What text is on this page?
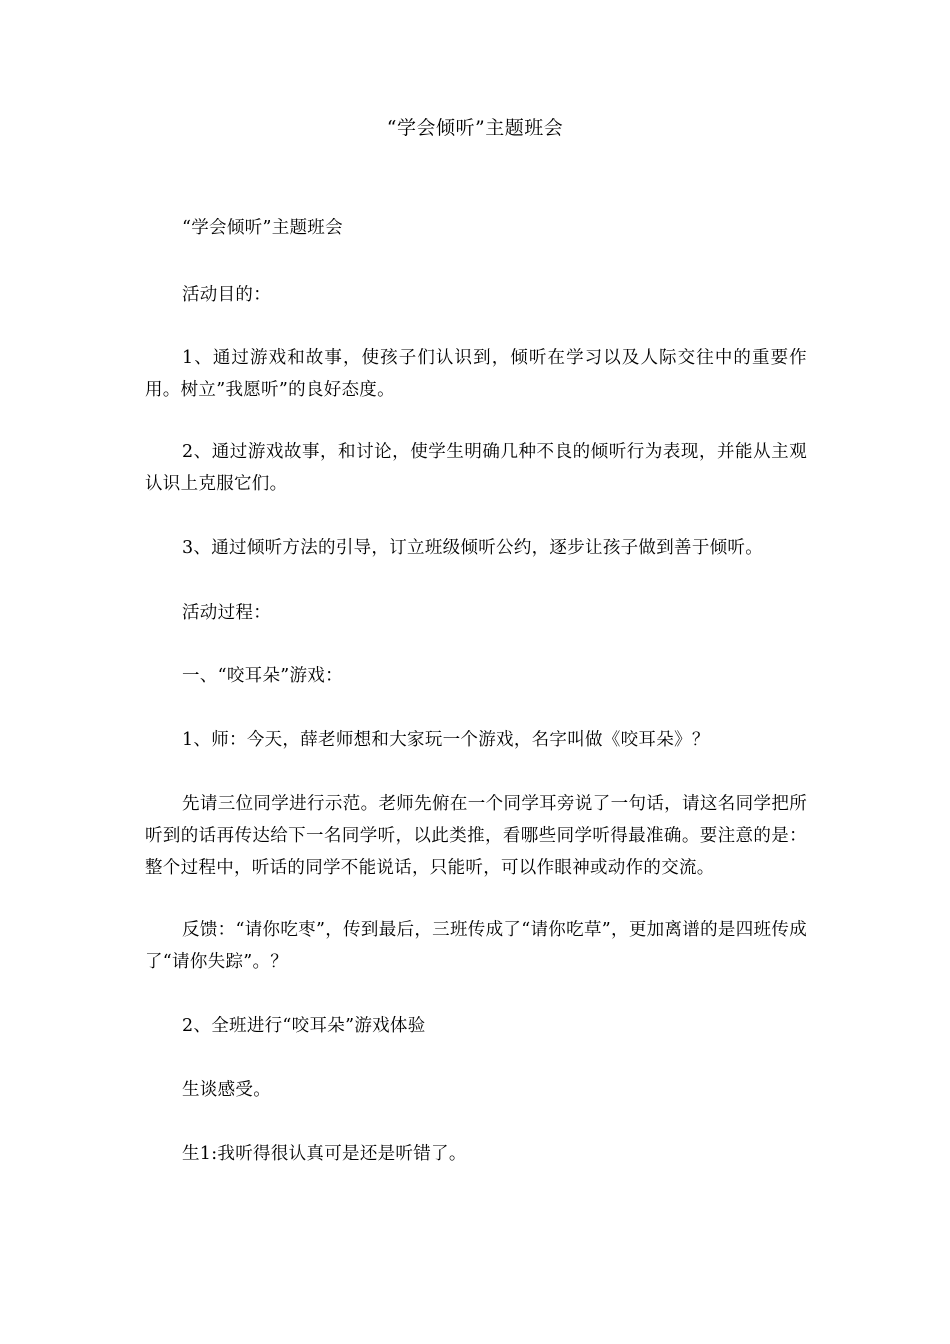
“学会倾听”主题班会

“学会倾听”主题班会

活动目的：

1、通过游戏和故事，使孩子们认识到，倾听在学习以及人际交往中的重要作用。树立”我愿听”的良好态度。

2、通过游戏故事，和讨论，使学生明确几种不良的倾听行为表现，并能从主观认识上克服它们。

3、通过倾听方法的引导，订立班级倾听公约，逐步让孩子做到善于倾听。

活动过程：

一、“咬耳朵”游戏：

1、师：今天，薛老师想和大家玩一个游戏，名字叫做《咬耳朵》？

先请三位同学进行示范。老师先俯在一个同学耳旁说了一句话，请这名同学把所听到的话再传达给下一名同学听，以此类推，看哪些同学听得最准确。要注意的是：整个过程中，听话的同学不能说话，只能听，可以作眼神或动作的交流。

反馈：“请你吃枣”，传到最后，三班传成了“请你吃草”，更加离谱的是四班传成了“请你失踪”。？

2、全班进行“咬耳朵”游戏体验

生谈感受。

生1:我听得很认真可是还是听错了。
